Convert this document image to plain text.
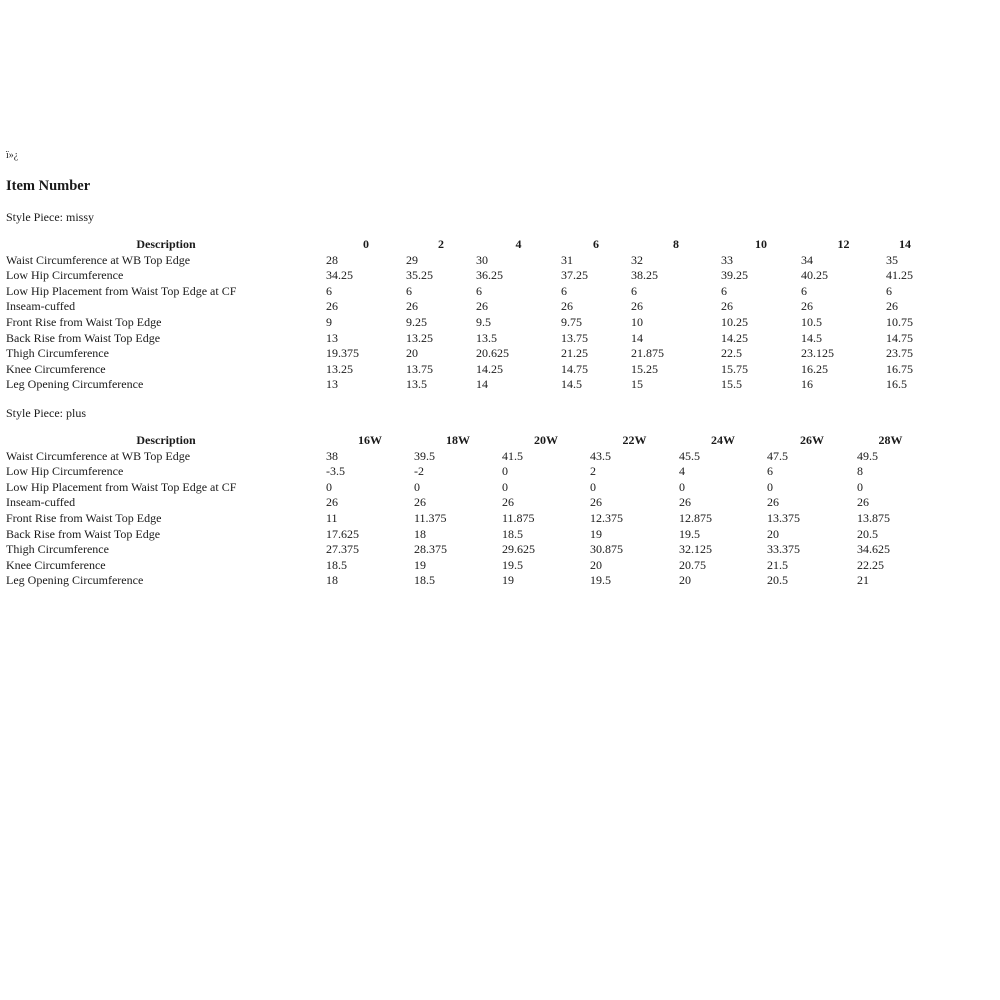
ï»¿
Item Number
Style Piece: missy
Description	0	2	4	6	8	10	12	14
Waist Circumference at WB Top Edge	28	29	30	31	32	33	34	35
Low Hip Circumference	34.25	35.25	36.25	37.25	38.25	39.25	40.25	41.25
Low Hip Placement from Waist Top Edge at CF	6	6	6	6	6	6	6	6
Inseam-cuffed	26	26	26	26	26	26	26	26
Front Rise from Waist Top Edge	9	9.25	9.5	9.75	10	10.25	10.5	10.75
Back Rise from Waist Top Edge	13	13.25	13.5	13.75	14	14.25	14.5	14.75
Thigh Circumference	19.375	20	20.625	21.25	21.875	22.5	23.125	23.75
Knee Circumference	13.25	13.75	14.25	14.75	15.25	15.75	16.25	16.75
Leg Opening Circumference	13	13.5	14	14.5	15	15.5	16	16.5
Style Piece: plus
Description	16W	18W	20W	22W	24W	26W	28W
Waist Circumference at WB Top Edge	38	39.5	41.5	43.5	45.5	47.5	49.5
Low Hip Circumference	-3.5	-2	0	2	4	6	8
Low Hip Placement from Waist Top Edge at CF	0	0	0	0	0	0	0
Inseam-cuffed	26	26	26	26	26	26	26
Front Rise from Waist Top Edge	11	11.375	11.875	12.375	12.875	13.375	13.875
Back Rise from Waist Top Edge	17.625	18	18.5	19	19.5	20	20.5
Thigh Circumference	27.375	28.375	29.625	30.875	32.125	33.375	34.625
Knee Circumference	18.5	19	19.5	20	20.75	21.5	22.25
Leg Opening Circumference	18	18.5	19	19.5	20	20.5	21
